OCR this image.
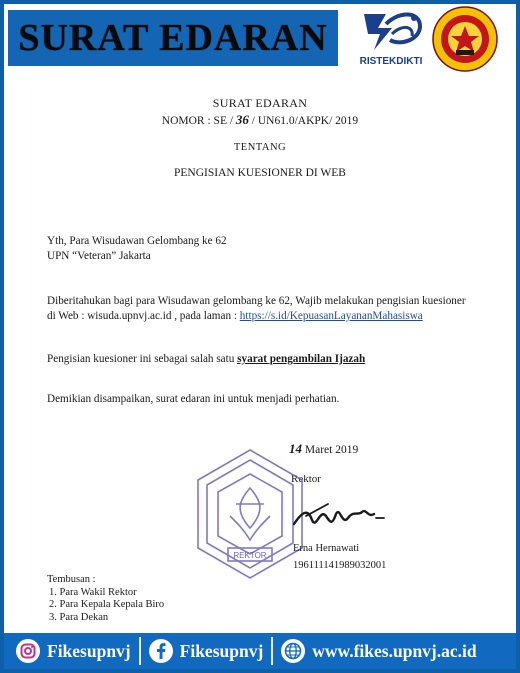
SURAT EDARAN
RISTEKDIKTI
SURAT EDARAN
NOMOR : SE / 36 / UN61.0/AKPK/ 2019
TENTANG
PENGISIAN KUESIONER DI WEB
Yth, Para Wisudawan Gelombang ke 62
UPN “Veteran” Jakarta
Diberitahukan bagi para Wisudawan gelombang ke 62, Wajib melakukan pengisian kuesioner
di Web : wisuda.upnvj.ac.id , pada laman : https://s.id/KepuasanLayananMahasiswa
Pengisian kuesioner ini sebagai salah satu syarat pengambilan Ijazah
Demikian disampaikan, surat edaran ini untuk menjadi perhatian.
14 Maret 2019
Rektor
REKTOR
Erna Hernawati
196111141989032001
Tembusan :
1. Para Wakil Rektor
2. Para Kepala Kepala Biro
3. Para Dekan
Fikesupnvj	Fikesupnvj	www.fikes.upnvj.ac.id
